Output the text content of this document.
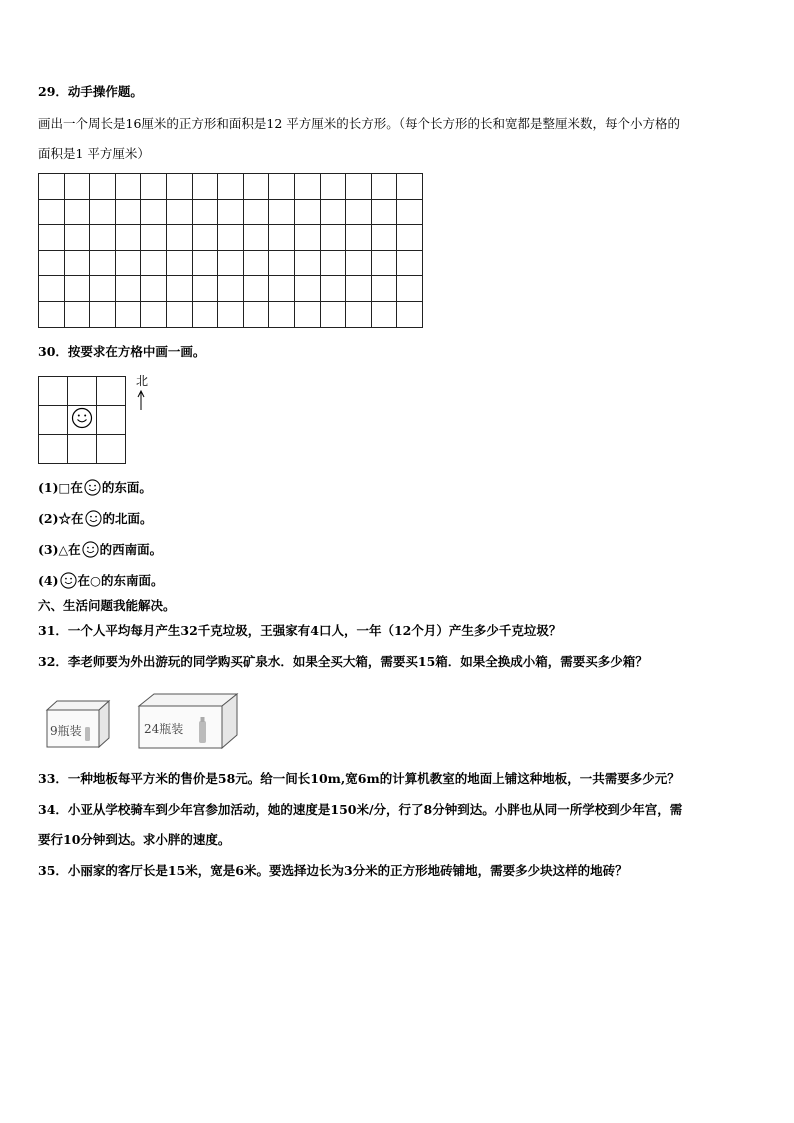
29．动手操作题。
画出一个周长是16厘米的正方形和面积是12 平方厘米的长方形。（每个长方形的长和宽都是整厘米数，每个小方格的
面积是1 平方厘米）

30．按要求在方格中画一画。

北
(1)□在 的东面。
(2)☆在 的北面。
(3)△在 的西南面。
(4) 在○的东南面。
六、生活问题我能解决。
31．一个人平均每月产生32千克垃圾，王强家有4口人，一年（12个月）产生多少千克垃圾？
32．李老师要为外出游玩的同学购买矿泉水．如果全买大箱，需要买15箱．如果全换成小箱，需要买多少箱？
9瓶装	24瓶装
33．一种地板每平方米的售价是58元。给一间长10m,宽6m的计算机教室的地面上铺这种地板，一共需要多少元？
34．小亚从学校骑车到少年宫参加活动，她的速度是150米/分，行了8分钟到达。小胖也从同一所学校到少年宫，需
要行10分钟到达。求小胖的速度。
35．小丽家的客厅长是15米，宽是6米。要选择边长为3分米的正方形地砖铺地，需要多少块这样的地砖？
